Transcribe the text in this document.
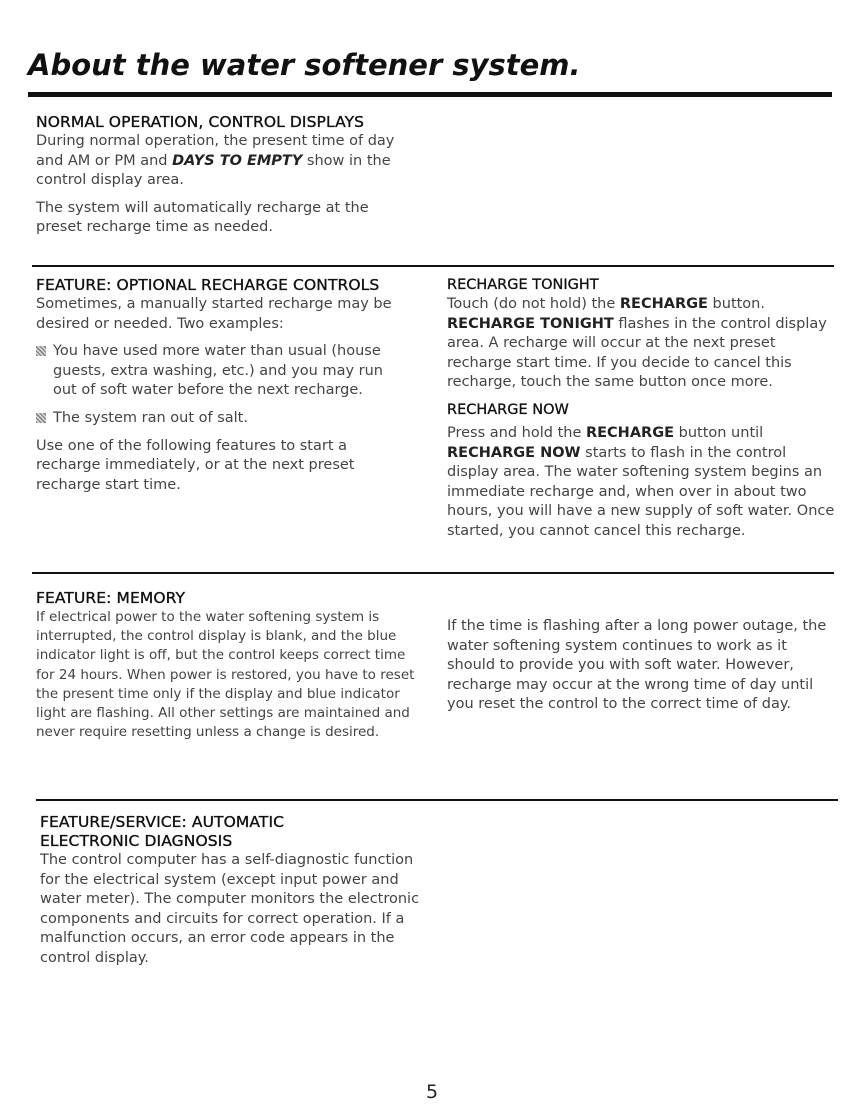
About the water softener system.
NORMAL OPERATION, CONTROL DISPLAYS

During normal operation, the present time of day and AM or PM and DAYS TO EMPTY show in the control display area.

The system will automatically recharge at the preset recharge time as needed.

FEATURE: OPTIONAL RECHARGE CONTROLS

Sometimes, a manually started recharge may be desired or needed. Two examples:

You have used more water than usual (house guests, extra washing, etc.) and you may run out of soft water before the next recharge.

The system ran out of salt.

Use one of the following features to start a recharge immediately, or at the next preset recharge start time.

RECHARGE TONIGHT

Touch (do not hold) the RECHARGE button.
RECHARGE TONIGHT flashes in the control display area. A recharge will occur at the next preset recharge start time. If you decide to cancel this recharge, touch the same button once more.

RECHARGE NOW

Press and hold the RECHARGE button until RECHARGE NOW starts to flash in the control display area. The water softening system begins an immediate recharge and, when over in about two hours, you will have a new supply of soft water. Once started, you cannot cancel this recharge.

FEATURE: MEMORY

If electrical power to the water softening system is interrupted, the control display is blank, and the blue indicator light is off, but the control keeps correct time for 24 hours. When power is restored, you have to reset the present time only if the display and blue indicator light are flashing. All other settings are maintained and never require resetting unless a change is desired.

If the time is flashing after a long power outage, the water softening system continues to work as it should to provide you with soft water. However, recharge may occur at the wrong time of day until you reset the control to the correct time of day.

FEATURE/SERVICE: AUTOMATIC
ELECTRONIC DIAGNOSIS

The control computer has a self-diagnostic function for the electrical system (except input power and water meter). The computer monitors the electronic components and circuits for correct operation. If a malfunction occurs, an error code appears in the control display.

5
